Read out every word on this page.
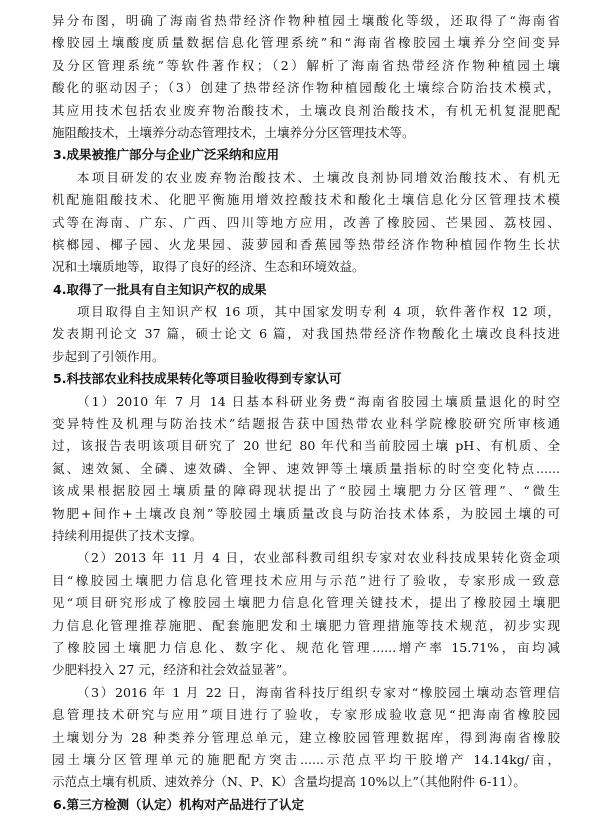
异分布图，明确了海南省热带经济作物种植园土壤酸化等级，还取得了“海南省
橡胶园土壤酸度质量数据信息化管理系统”和“海南省橡胶园土壤养分空间变异
及分区管理系统”等软件著作权；（2）解析了海南省热带经济作物种植园土壤
酸化的驱动因子；（3）创建了热带经济作物种植园酸化土壤综合防治技术模式，
其应用技术包括农业废弃物治酸技术，土壤改良剂治酸技术，有机无机复混肥配
施阻酸技术，土壤养分动态管理技术，土壤养分分区管理技术等。
3.成果被推广部分与企业广泛采纳和应用
本项目研发的农业废弃物治酸技术、土壤改良剂协同增效治酸技术、有机无
机配施阻酸技术、化肥平衡施用增效控酸技术和酸化土壤信息化分区管理技术模
式等在海南、广东、广西、四川等地方应用，改善了橡胶园、芒果园、荔枝园、
槟榔园、椰子园、火龙果园、菠萝园和香蕉园等热带经济作物种植园作物生长状
况和土壤质地等，取得了良好的经济、生态和环境效益。
4.取得了一批具有自主知识产权的成果
项目取得自主知识产权 16 项，其中国家发明专利 4 项，软件著作权 12 项，
发表期刊论文 37 篇，硕士论文 6 篇，对我国热带经济作物酸化土壤改良科技进
步起到了引领作用。
5.科技部农业科技成果转化等项目验收得到专家认可
（1）2010 年 7 月 14 日基本科研业务费“海南省胶园土壤质量退化的时空
变异特性及机理与防治技术”结题报告获中国热带农业科学院橡胶研究所审核通
过，该报告表明该项目研究了 20 世纪 80 年代和当前胶园土壤 pH、有机质、全
氮、速效氮、全磷、速效磷、全钾、速效钾等土壤质量指标的时空变化特点......
该成果根据胶园土壤质量的障碍现状提出了“胶园土壤肥力分区管理”、“微生
物肥+间作+土壤改良剂”等胶园土壤质量改良与防治技术体系，为胶园土壤的可
持续利用提供了技术支撑。
（2）2013 年 11 月 4 日，农业部科教司组织专家对农业科技成果转化资金项
目“橡胶园土壤肥力信息化管理技术应用与示范”进行了验收，专家形成一致意
见“项目研究形成了橡胶园土壤肥力信息化管理关键技术，提出了橡胶园土壤肥
力信息化管理推荐施肥、配套施肥发和土壤肥力管理措施等技术规范，初步实现
了橡胶园土壤肥力信息化、数字化、规范化管理......增产率 15.71%，亩均减
少肥料投入 27 元，经济和社会效益显著”。
（3）2016 年 1 月 22 日，海南省科技厅组织专家对“橡胶园土壤动态管理信
息管理技术研究与应用”项目进行了验收，专家形成验收意见“把海南省橡胶园
土壤划分为 28 种类养分管理总单元，建立橡胶园管理数据库，得到海南省橡胶
园土壤分区管理单元的施肥配方突击......示范点平均干胶增产 14.14kg/亩，
示范点土壤有机质、速效养分（N、P、K）含量均提高 10%以上”（其他附件 6-11）。
6.第三方检测（认定）机构对产品进行了认定
